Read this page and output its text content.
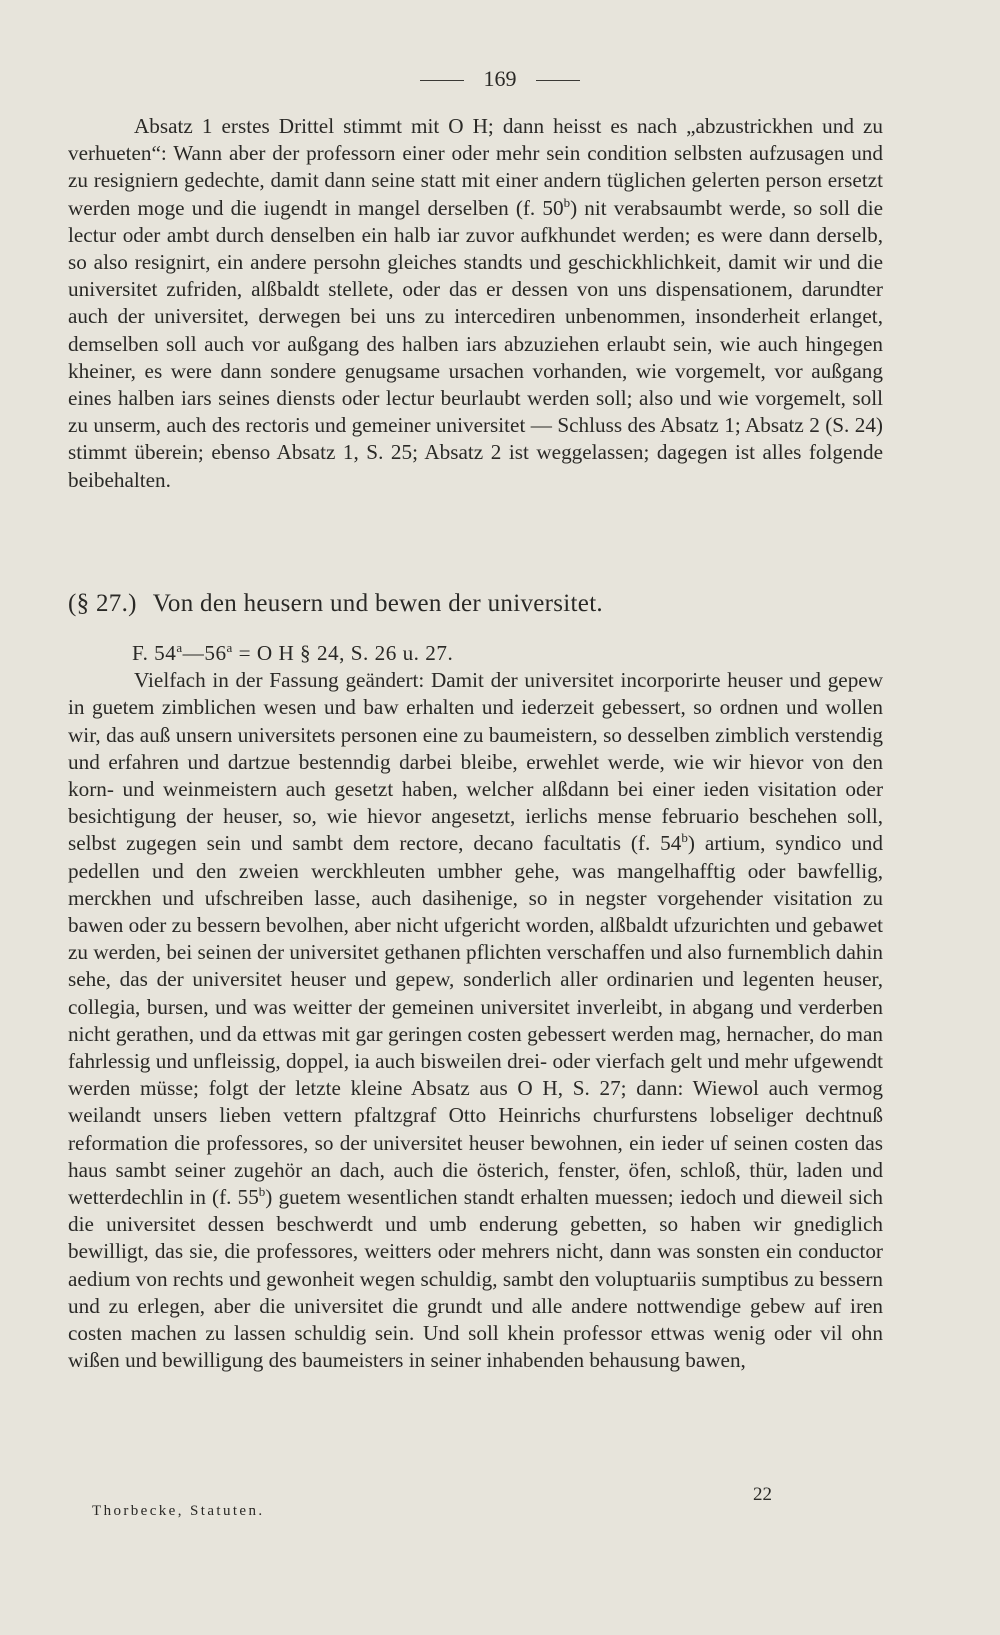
169

Absatz 1 erstes Drittel stimmt mit O H; dann heisst es nach „abzustrickhen und zu verhueten“: Wann aber der professorn einer oder mehr sein condition selbsten aufzusagen und zu resigniern gedechte, damit dann seine statt mit einer andern tüglichen gelerten person ersetzt werden moge und die iugendt in mangel derselben (f. 50$^b$) nit verabsaumbt werde, so soll die lectur oder ambt durch denselben ein halb iar zuvor aufkhundet werden; es were dann derselb, so also resignirt, ein andere persohn gleiches standts und geschickhlichkeit, damit wir und die universitet zufriden, alßbaldt stellete, oder das er dessen von uns dispensationem, darundter auch der universitet, derwegen bei uns zu intercediren unbenommen, insonderheit erlanget, demselben soll auch vor außgang des halben iars abzuziehen erlaubt sein, wie auch hingegen kheiner, es were dann sondere genugsame ursachen vorhanden, wie vorgemelt, vor außgang eines halben iars seines diensts oder lectur beurlaubt werden soll; also und wie vorgemelt, soll zu unserm, auch des rectoris und gemeiner universitet — Schluss des Absatz 1; Absatz 2 (S. 24) stimmt überein; ebenso Absatz 1, S. 25; Absatz 2 ist weggelassen; dagegen ist alles folgende beibehalten.

(§ 27.) Von den heusern und bewen der universitet.

F. $54^a—56^a = O$ H § 24, S. 26 u. 27.

Vielfach in der Fassung geändert: Damit der universitet incorporirte heuser und gepew in guetem zimblichen wesen und baw erhalten und iederzeit gebessert, so ordnen und wollen wir, das auß unsern universitets personen eine zu baumeistern, so desselben zimblich verstendig und erfahren und dartzue bestenndig darbei bleibe, erwehlet werde, wie wir hievor von den korn- und weinmeistern auch gesetzt haben, welcher alßdann bei einer ieden visitation oder besichtigung der heuser, so, wie hievor angesetzt, ierlichs mense februario beschehen soll, selbst zugegen sein und sambt dem rectore, decano facultatis (f. 54$^b$) artium, syndico und pedellen und den zweien werckhleuten umbher gehe, was mangelhafftig oder bawfellig, merckhen und ufschreiben lasse, auch dasihenige, so in negster vorgehender visitation zu bawen oder zu bessern bevolhen, aber nicht ufgericht worden, alßbaldt ufzurichten und gebawet zu werden, bei seinen der universitet gethanen pflichten verschaffen und also furnemblich dahin sehe, das der universitet heuser und gepew, sonderlich aller ordinarien und legenten heuser, collegia, bursen, und was weitter der gemeinen universitet inverleibt, in abgang und verderben nicht gerathen, und da ettwas mit gar geringen costen gebessert werden mag, hernacher, do man fahrlessig und unfleissig, doppel, ia auch bisweilen drei- oder vierfach gelt und mehr ufgewendt werden müsse; folgt der letzte kleine Absatz aus O H, S. 27; dann: Wiewol auch vermog weilandt unsers lieben vettern pfaltzgraf Otto Heinrichs churfurstens lobseliger dechtnuß reformation die professores, so der universitet heuser bewohnen, ein ieder uf seinen costen das haus sambt seiner zugehör an dach, auch die österich, fenster, öfen, schloß, thür, laden und wetterdechlin in (f. 55$^b$) guetem wesentlichen standt erhalten muessen; iedoch und dieweil sich die universitet dessen beschwerdt und umb enderung gebetten, so haben wir gnediglich bewilligt, das sie, die professores, weitters oder mehrers nicht, dann was sonsten ein conductor aedium von rechts und gewonheit wegen schuldig, sambt den voluptuariis sumptibus zu bessern und zu erlegen, aber die universitet die grundt und alle andere nottwendige gebew auf iren costen machen zu lassen schuldig sein. Und soll khein professor ettwas wenig oder vil ohn wißen und bewilligung des baumeisters in seiner inhabenden behausung bawen,

22
Thorbecke, Statuten.
